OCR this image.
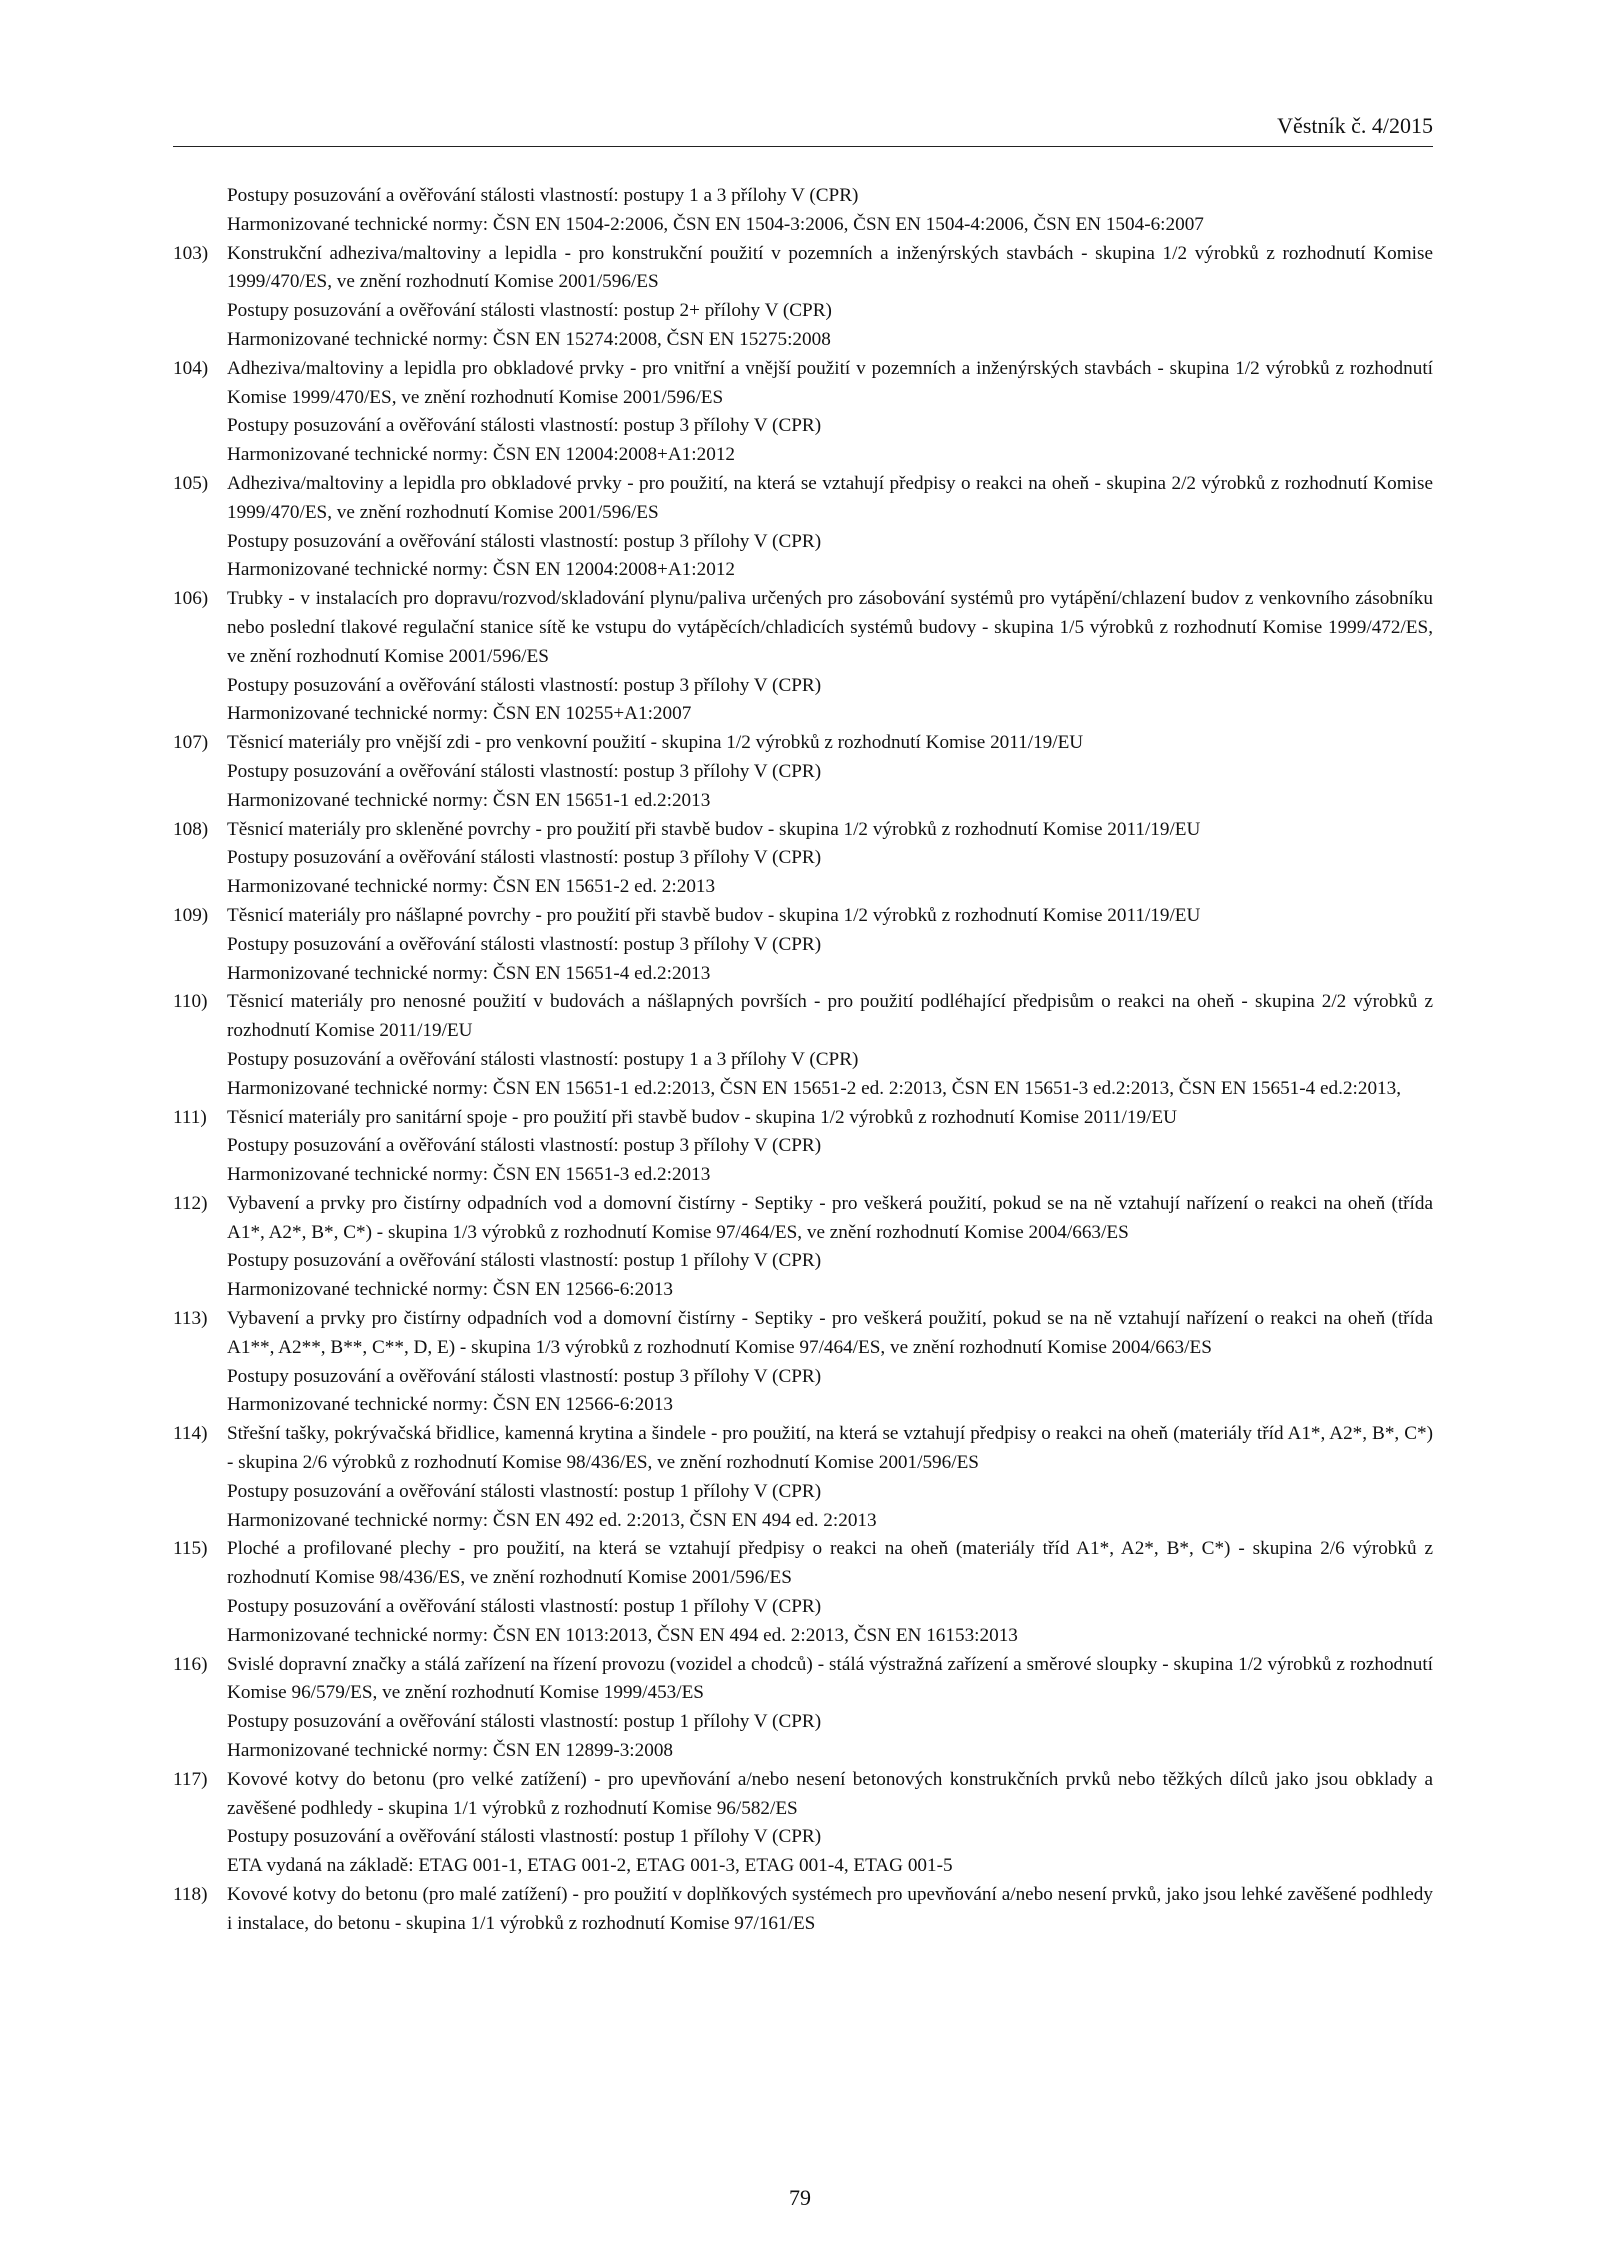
Věstník č. 4/2015

Postupy posuzování a ověřování stálosti vlastností: postupy 1 a 3 přílohy V (CPR)

Harmonizované technické normy: ČSN EN 1504-2:2006, ČSN EN 1504-3:2006, ČSN EN 1504-4:2006, ČSN EN 1504-6:2007

103) Konstrukční adheziva/maltoviny a lepidla - pro konstrukční použití v pozemních a inženýrských stavbách - skupina 1/2 výrobků z rozhodnutí Komise 1999/470/ES, ve znění rozhodnutí Komise 2001/596/ES

Postupy posuzování a ověřování stálosti vlastností: postup 2+ přílohy V (CPR)

Harmonizované technické normy: ČSN EN 15274:2008, ČSN EN 15275:2008

104) Adheziva/maltoviny a lepidla pro obkladové prvky - pro vnitřní a vnější použití v pozemních a inženýrských stavbách - skupina 1/2 výrobků z rozhodnutí Komise 1999/470/ES, ve znění rozhodnutí Komise 2001/596/ES

Postupy posuzování a ověřování stálosti vlastností: postup 3 přílohy V (CPR)

Harmonizované technické normy: ČSN EN 12004:2008+A1:2012

105) Adheziva/maltoviny a lepidla pro obkladové prvky - pro použití, na která se vztahují předpisy o reakci na oheň - skupina 2/2 výrobků z rozhodnutí Komise 1999/470/ES, ve znění rozhodnutí Komise 2001/596/ES

Postupy posuzování a ověřování stálosti vlastností: postup 3 přílohy V (CPR)

Harmonizované technické normy: ČSN EN 12004:2008+A1:2012

106) Trubky - v instalacích pro dopravu/rozvod/skladování plynu/paliva určených pro zásobování systémů pro vytápění/chlazení budov z venkovního zásobníku nebo poslední tlakové regulační stanice sítě ke vstupu do vytápěcích/chladicích systémů budovy - skupina 1/5 výrobků z rozhodnutí Komise 1999/472/ES, ve znění rozhodnutí Komise 2001/596/ES

Postupy posuzování a ověřování stálosti vlastností: postup 3 přílohy V (CPR)

Harmonizované technické normy: ČSN EN 10255+A1:2007

107) Těsnicí materiály pro vnější zdi - pro venkovní použití - skupina 1/2 výrobků z rozhodnutí Komise 2011/19/EU

Postupy posuzování a ověřování stálosti vlastností: postup 3 přílohy V (CPR)

Harmonizované technické normy: ČSN EN 15651-1 ed.2:2013

108) Těsnicí materiály pro skleněné povrchy - pro použití při stavbě budov - skupina 1/2 výrobků z rozhodnutí Komise 2011/19/EU

Postupy posuzování a ověřování stálosti vlastností: postup 3 přílohy V (CPR)

Harmonizované technické normy: ČSN EN 15651-2 ed. 2:2013

109) Těsnicí materiály pro nášlapné povrchy - pro použití při stavbě budov - skupina 1/2 výrobků z rozhodnutí Komise 2011/19/EU

Postupy posuzování a ověřování stálosti vlastností: postup 3 přílohy V (CPR)

Harmonizované technické normy: ČSN EN 15651-4 ed.2:2013

110)	Těsnicí materiály pro nenosné použití v budovách a nášlapných površích - pro použití podléhající předpisům o reakci na oheň - skupina 2/2 výrobků z rozhodnutí Komise 2011/19/EU

Postupy posuzování a ověřování stálosti vlastností: postupy 1 a 3 přílohy V (CPR)

Harmonizované technické normy: ČSN EN 15651-1 ed.2:2013, ČSN EN 15651-2 ed. 2:2013, ČSN EN 15651-3 ed.2:2013, ČSN EN 15651-4 ed.2:2013,

111)	Těsnicí materiály pro sanitární spoje - pro použití při stavbě budov - skupina 1/2 výrobků z rozhodnutí Komise 2011/19/EU

Postupy posuzování a ověřování stálosti vlastností: postup 3 přílohy V (CPR)

Harmonizované technické normy: ČSN EN 15651-3 ed.2:2013

112)	Vybavení a prvky pro čistírny odpadních vod a domovní čistírny - Septiky - pro veškerá použití, pokud se na ně vztahují nařízení o reakci na oheň (třída A1*, A2*, B*, C*) - skupina 1/3 výrobků z rozhodnutí Komise 97/464/ES, ve znění rozhodnutí Komise 2004/663/ES

Postupy posuzování a ověřování stálosti vlastností: postup 1 přílohy V (CPR)

Harmonizované technické normy: ČSN EN 12566-6:2013

113)	Vybavení a prvky pro čistírny odpadních vod a domovní čistírny - Septiky - pro veškerá použití, pokud se na ně vztahují nařízení o reakci na oheň (třída A1**, A2**, B**, C**, D, E) - skupina 1/3 výrobků z rozhodnutí Komise 97/464/ES, ve znění rozhodnutí Komise 2004/663/ES

Postupy posuzování a ověřování stálosti vlastností: postup 3 přílohy V (CPR)

Harmonizované technické normy: ČSN EN 12566-6:2013

114)	Střešní tašky, pokrývačská břidlice, kamenná krytina a šindele - pro použití, na která se vztahují předpisy o reakci na oheň (materiály tříd A1*, A2*, B*, C*) - skupina 2/6 výrobků z rozhodnutí Komise 98/436/ES, ve znění rozhodnutí Komise 2001/596/ES

Postupy posuzování a ověřování stálosti vlastností: postup 1 přílohy V (CPR)

Harmonizované technické normy: ČSN EN 492 ed. 2:2013, ČSN EN 494 ed. 2:2013

115)	Ploché a profilované plechy - pro použití, na která se vztahují předpisy o reakci na oheň (materiály tříd A1*, A2*, B*, C*) - skupina 2/6 výrobků z rozhodnutí Komise 98/436/ES, ve znění rozhodnutí Komise 2001/596/ES

Postupy posuzování a ověřování stálosti vlastností: postup 1 přílohy V (CPR)

Harmonizované technické normy: ČSN EN 1013:2013, ČSN EN 494 ed. 2:2013, ČSN EN 16153:2013

116)	Svislé dopravní značky a stálá zařízení na řízení provozu (vozidel a chodců) - stálá výstražná zařízení a směrové sloupky - skupina 1/2 výrobků z rozhodnutí Komise 96/579/ES, ve znění rozhodnutí Komise 1999/453/ES

Postupy posuzování a ověřování stálosti vlastností: postup 1 přílohy V (CPR)

Harmonizované technické normy: ČSN EN 12899-3:2008

117)	Kovové kotvy do betonu (pro velké zatížení) - pro upevňování a/nebo nesení betonových konstrukčních prvků nebo těžkých dílců jako jsou obklady a zavěšené podhledy - skupina 1/1 výrobků z rozhodnutí Komise 96/582/ES

Postupy posuzování a ověřování stálosti vlastností: postup 1 přílohy V (CPR)

ETA vydaná na základě: ETAG 001-1, ETAG 001-2, ETAG 001-3, ETAG 001-4, ETAG 001-5

118)	Kovové kotvy do betonu (pro malé zatížení) - pro použití v doplňkových systémech pro upevňování a/nebo nesení prvků, jako jsou lehké zavěšené podhledy i instalace, do betonu - skupina 1/1 výrobků z rozhodnutí Komise 97/161/ES

79
